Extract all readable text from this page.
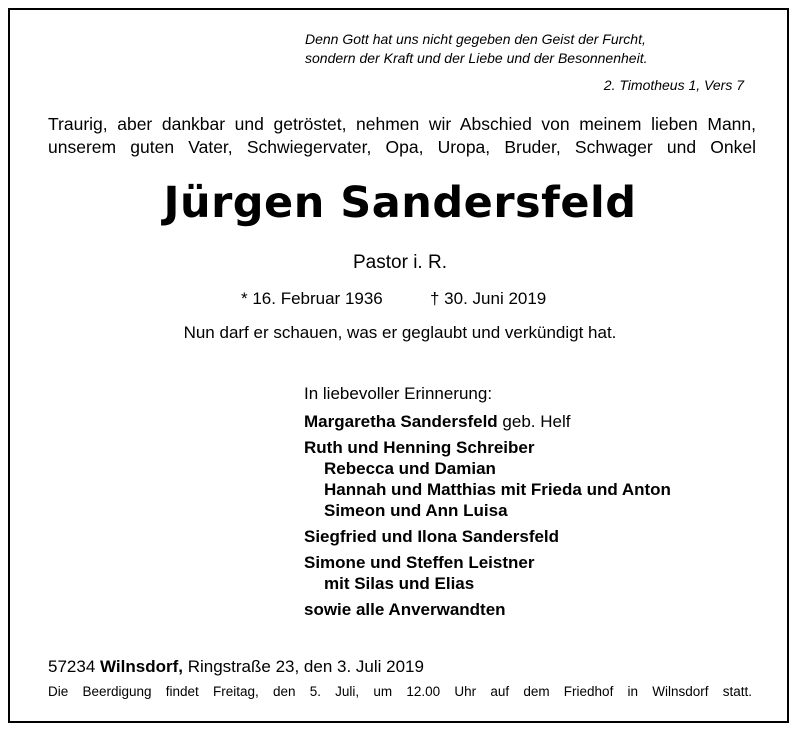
Denn Gott hat uns nicht gegeben den Geist der Furcht,
sondern der Kraft und der Liebe und der Besonnenheit.
2. Timotheus 1, Vers 7
Traurig, aber dankbar und getröstet, nehmen wir Abschied von meinem lieben Mann,
unserem guten Vater, Schwiegervater, Opa, Uropa, Bruder, Schwager und Onkel
Jürgen Sandersfeld
Pastor i. R.
* 16. Februar 1936	† 30. Juni 2019
Nun darf er schauen, was er geglaubt und verkündigt hat.
In liebevoller Erinnerung:
Margaretha Sandersfeld geb. Helf
Ruth und Henning Schreiber
Rebecca und Damian
Hannah und Matthias mit Frieda und Anton
Simeon und Ann Luisa
Siegfried und Ilona Sandersfeld
Simone und Steffen Leistner
mit Silas und Elias
sowie alle Anverwandten
57234 Wilnsdorf, Ringstraße 23, den 3. Juli 2019
Die Beerdigung findet Freitag, den 5. Juli, um 12.00 Uhr auf dem Friedhof in Wilnsdorf statt.
